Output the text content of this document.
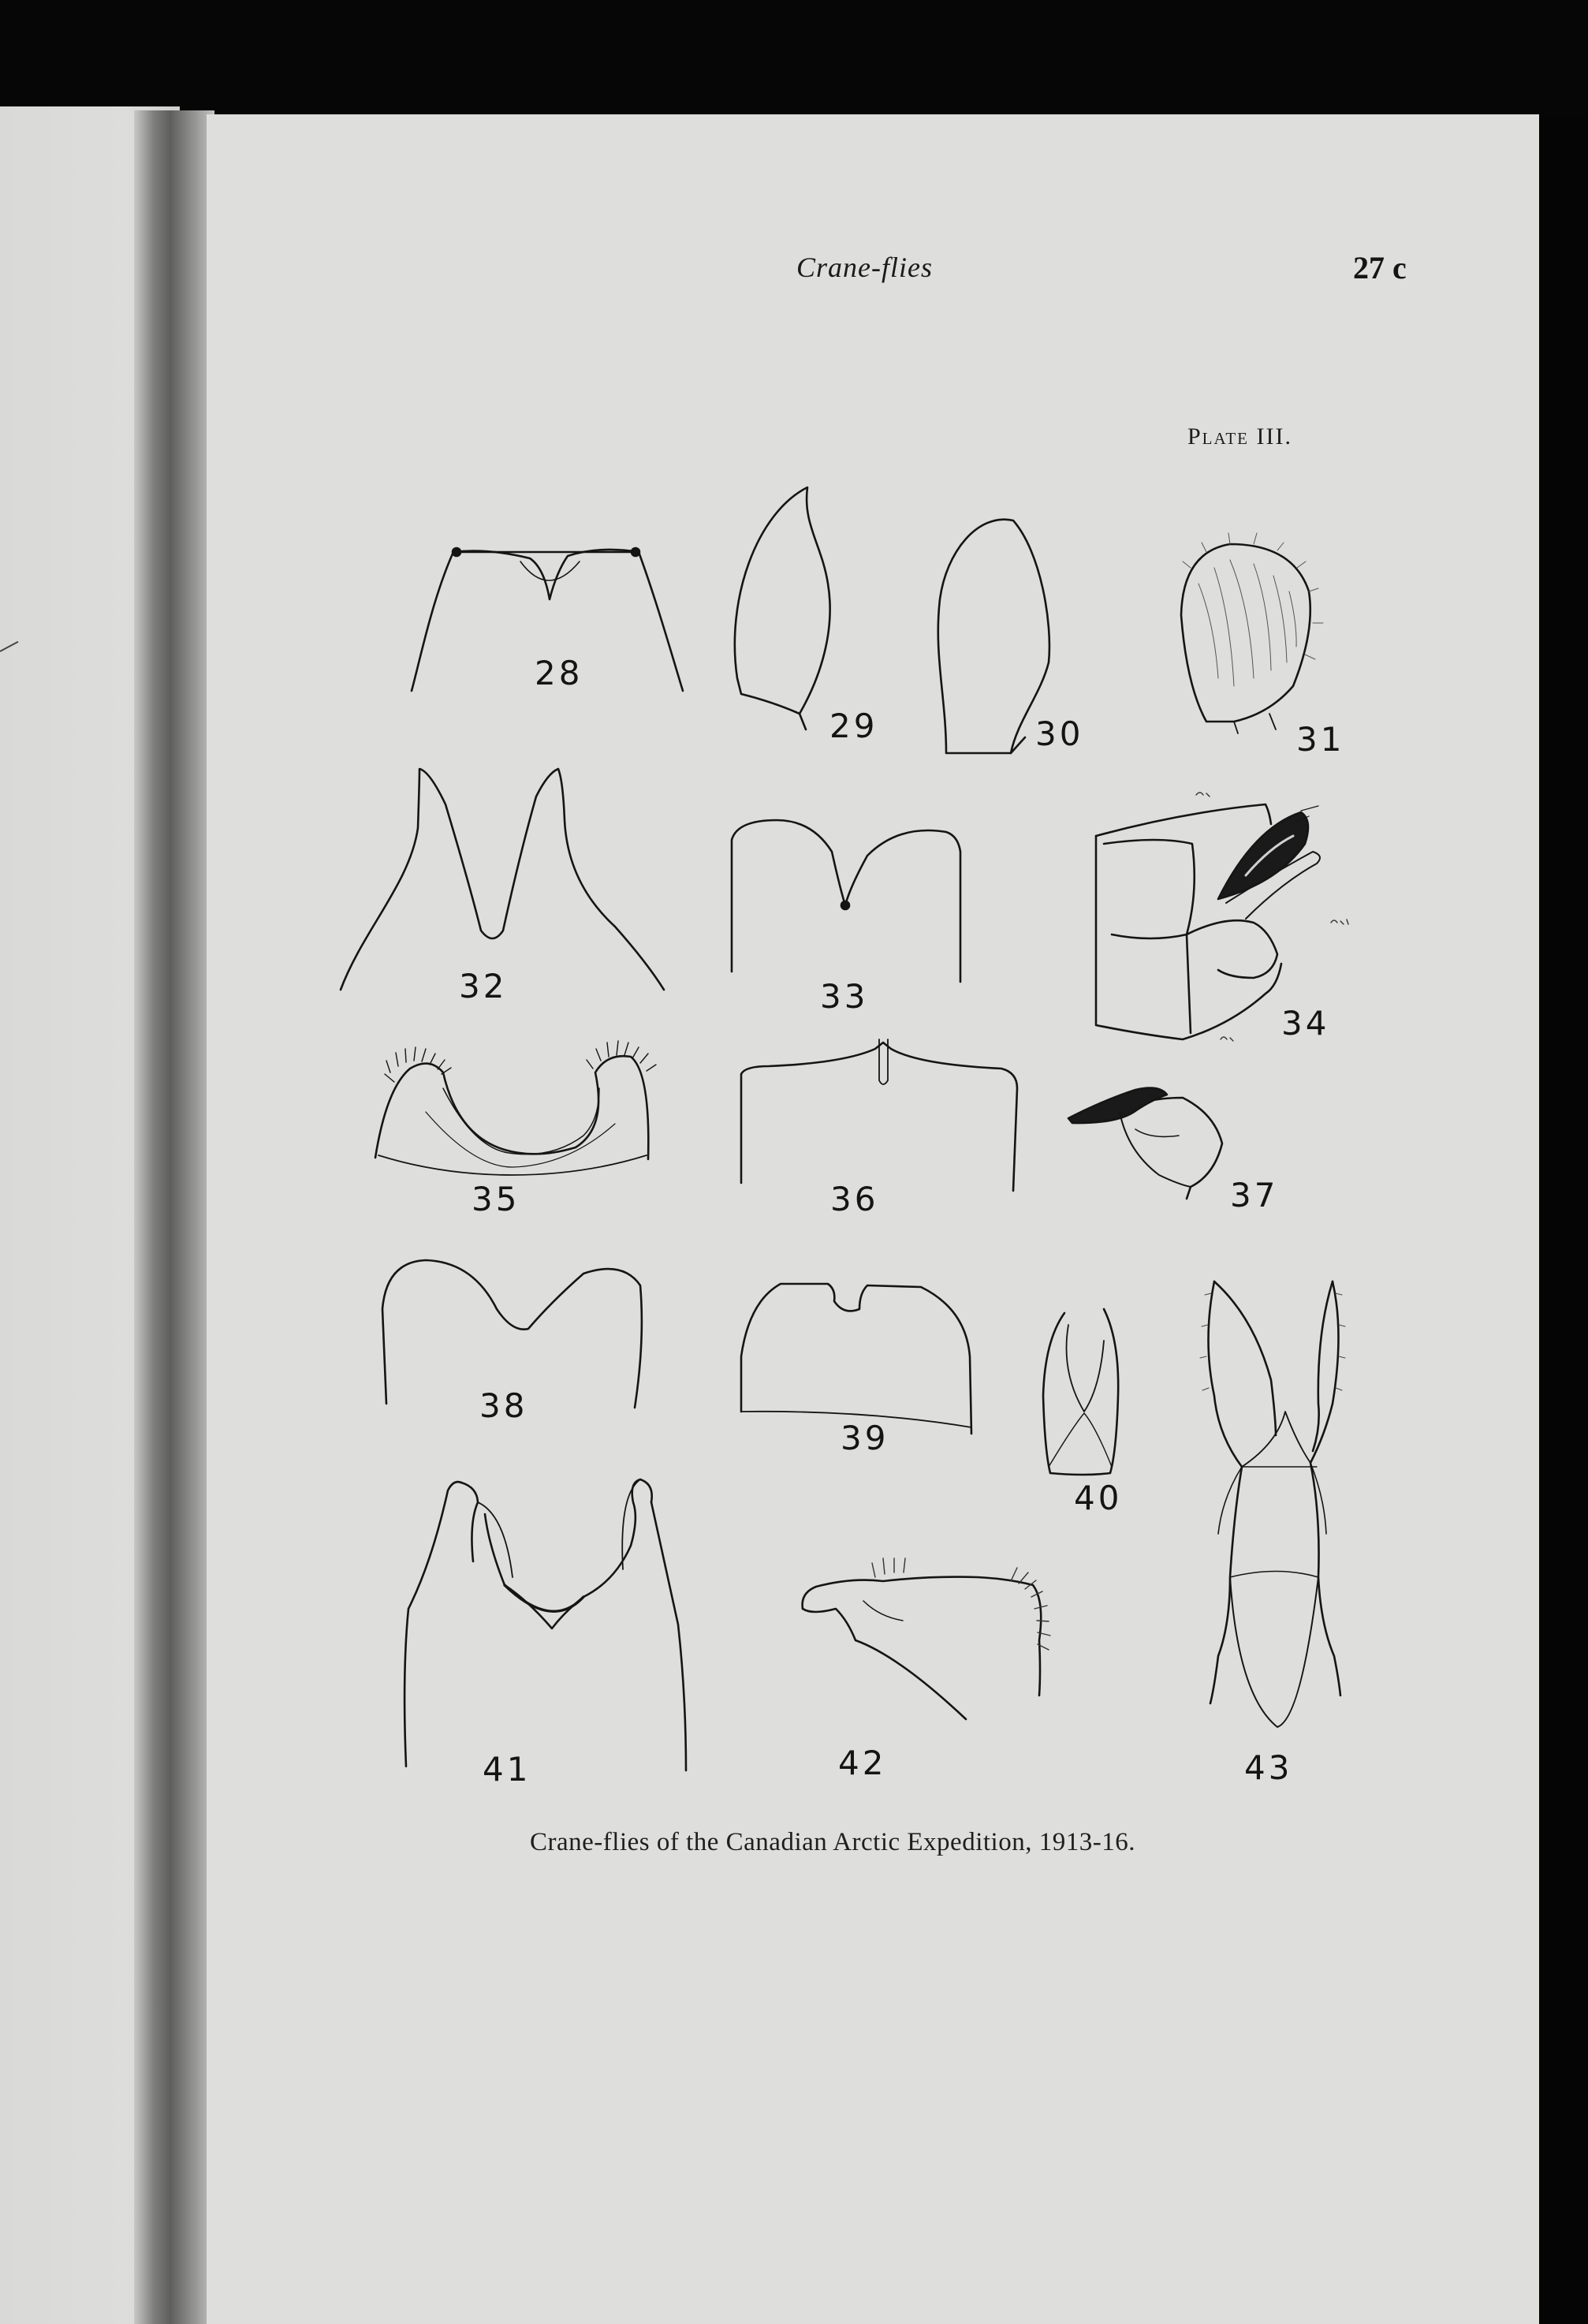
Crane-flies	27 c
Plate III.
28
29	30	31
32	33
34
35	36	37
38
39
40
41	42	43
Crane-flies of the Canadian Arctic Expedition, 1913-16.
